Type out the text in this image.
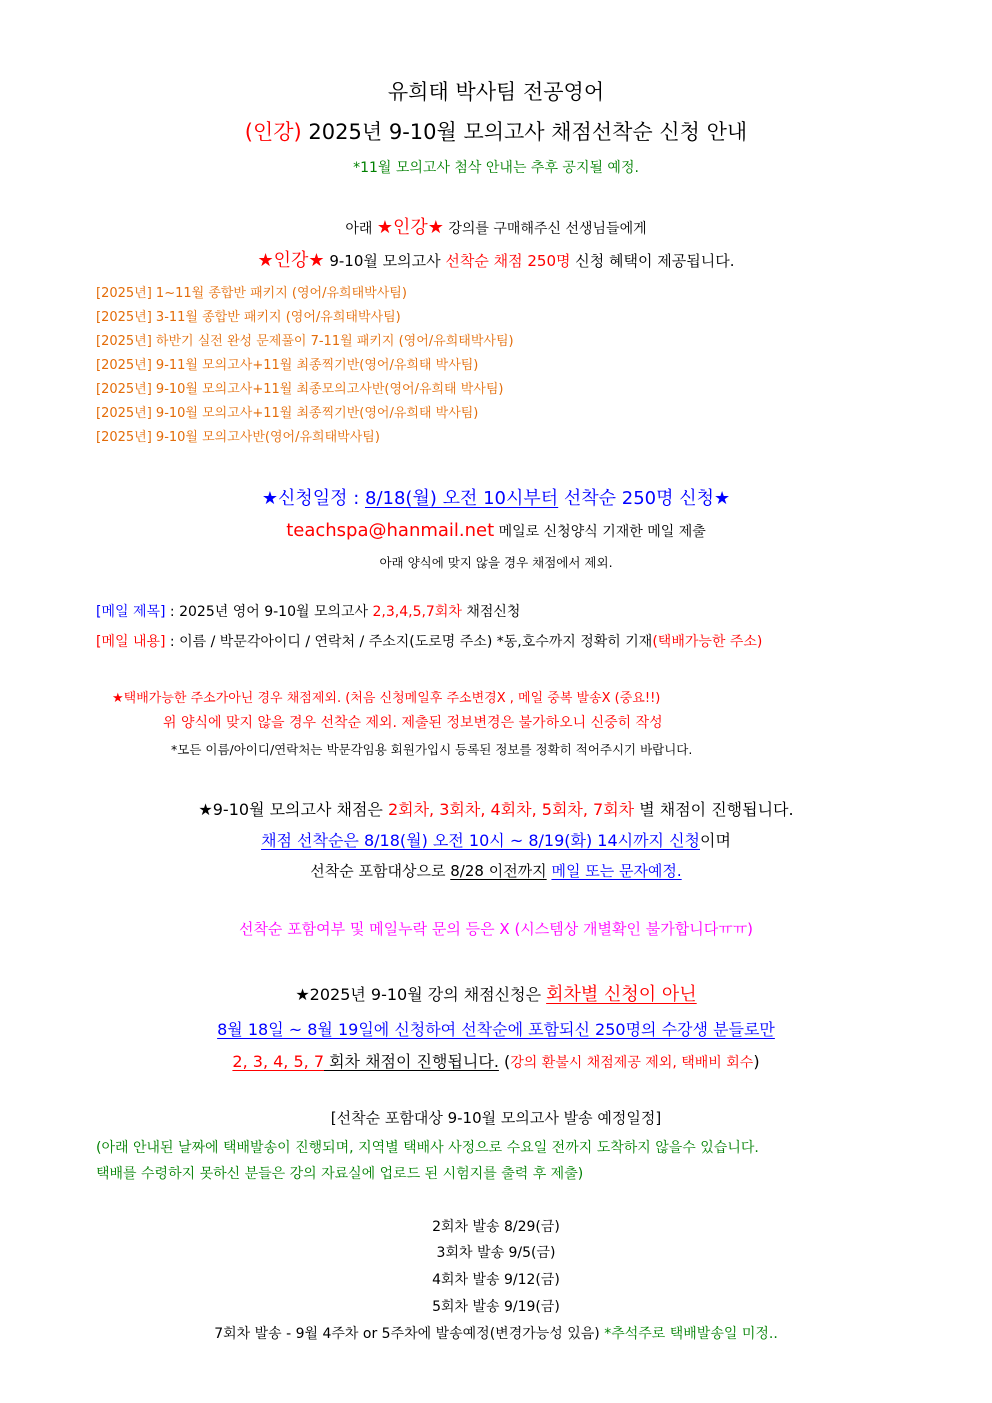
유희태 박사팀 전공영어
(인강) 2025년 9-10월 모의고사 채점선착순 신청 안내
*11월 모의고사 첨삭 안내는 추후 공지될 예정.
아래 ★인강★ 강의를 구매해주신 선생님들에게
★인강★ 9-10월 모의고사 선착순 채점 250명 신청 혜택이 제공됩니다.
[2025년] 1~11월 종합반 패키지 (영어/유희태박사팀)
[2025년] 3-11월 종합반 패키지 (영어/유희태박사팀)
[2025년] 하반기 실전 완성 문제풀이 7-11월 패키지 (영어/유희태박사팀)
[2025년] 9-11월 모의고사+11월 최종찍기반(영어/유희태 박사팀)
[2025년] 9-10월 모의고사+11월 최종모의고사반(영어/유희태 박사팀)
[2025년] 9-10월 모의고사+11월 최종찍기반(영어/유희태 박사팀)
[2025년] 9-10월 모의고사반(영어/유희태박사팀)
★신청일정 : 8/18(월) 오전 10시부터 선착순 250명 신청★
teachspa@hanmail.net 메일로 신청양식 기재한 메일 제출
아래 양식에 맞지 않을 경우 채점에서 제외.
[메일 제목] : 2025년 영어 9-10월 모의고사 2,3,4,5,7회차 채점신청
[메일 내용] : 이름 / 박문각아이디 / 연락처 / 주소지(도로명 주소) *동,호수까지 정확히 기재(택배가능한 주소)
★택배가능한 주소가아닌 경우 채점제외. (처음 신청메일후 주소변경X , 메일 중복 발송X (중요!!)
위 양식에 맞지 않을 경우 선착순 제외. 제출된 정보변경은 불가하오니 신중히 작성
*모든 이름/아이디/연락처는 박문각임용 회원가입시 등록된 정보를 정확히 적어주시기 바랍니다.
★9-10월 모의고사 채점은 2회차, 3회차, 4회차, 5회차, 7회차 별 채점이 진행됩니다.
채점 선착순은 8/18(월) 오전 10시 ~ 8/19(화) 14시까지 신청이며
선착순 포함대상으로 8/28 이전까지 메일 또는 문자예정.
선착순 포함여부 및 메일누락 문의 등은 X (시스템상 개별확인 불가합니다ㅠㅠ)
★2025년 9-10월 강의 채점신청은 회차별 신청이 아닌
8월 18일 ~ 8월 19일에 신청하여 선착순에 포함되신 250명의 수강생 분들로만
2, 3, 4, 5, 7 회차 채점이 진행됩니다. (강의 환불시 채점제공 제외, 택배비 회수)
[선착순 포함대상 9-10월 모의고사 발송 예정일정]
(아래 안내된 날짜에 택배발송이 진행되며, 지역별 택배사 사정으로 수요일 전까지 도착하지 않을수 있습니다.
택배를 수령하지 못하신 분들은 강의 자료실에 업로드 된 시험지를 출력 후 제출)
2회차 발송 8/29(금)
3회차 발송 9/5(금)
4회차 발송 9/12(금)
5회차 발송 9/19(금)
7회차 발송 - 9월 4주차 or 5주차에 발송예정(변경가능성 있음) *추석주로 택배발송일 미정..
